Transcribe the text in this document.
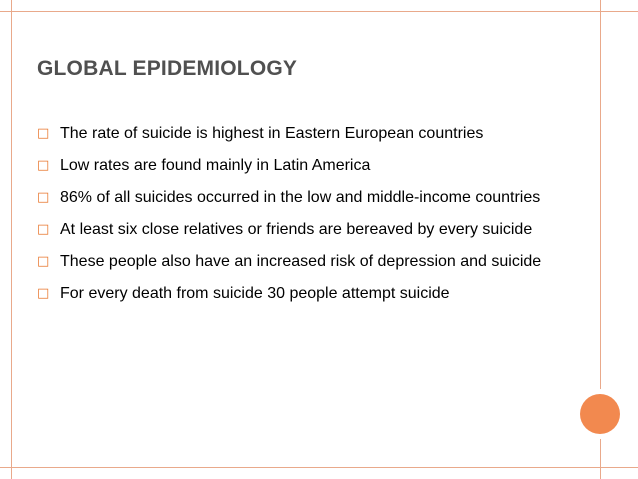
GLOBAL EPIDEMIOLOGY
□ The rate of suicide is highest in Eastern European countries
□ Low rates are found mainly in Latin America
□ 86% of all suicides occurred in the low and middle-income countries
□ At least six close relatives or friends are bereaved by every suicide
□ These people also have an increased risk of depression and suicide
□ For every death from suicide 30 people attempt suicide
